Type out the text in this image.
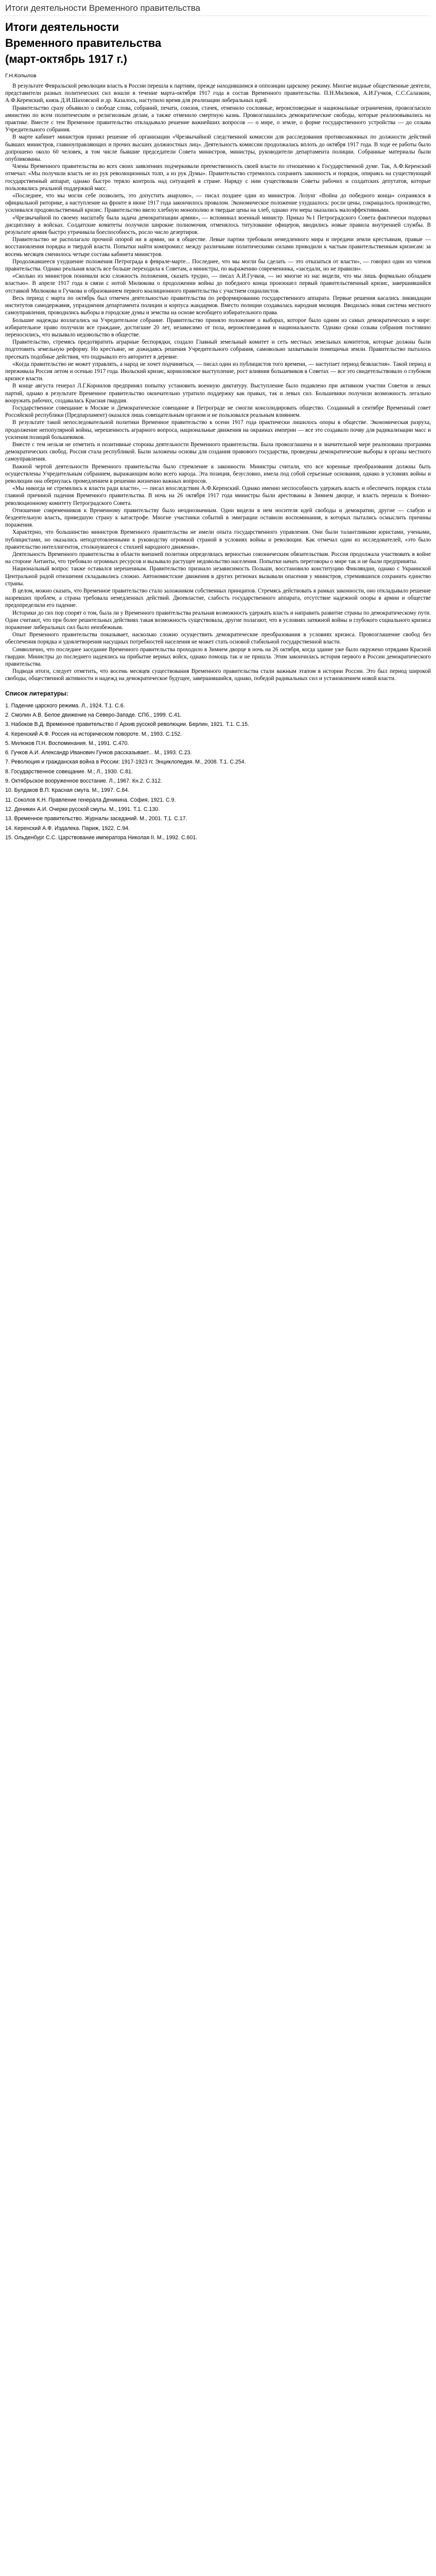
Итоги деятельности Временного правительства
Итоги деятельности Временного правительства (март-октябрь 1917 г.)
Г.Н.Копылов

В результате Февральской революции власть в России перешла к партиям, прежде находившимся в оппозиции царскому режиму. Многие видные общественные деятели, представители разных политических сил вошли в течение марта-октября 1917 года в состав Временного правительства. П.Н.Милюков, А.И.Гучков, С.С.Салазкин, А.Ф.Керенский, князь Д.И.Шаховской и др. Казалось, наступило время для реализации либеральных идей.

Правительство сразу объявило о свободе слова, собраний, печати, союзов, стачек, отменило сословные, вероисповедные и национальные ограничения, провозгласило амнистию по всем политическим и религиозным делам, а также отменило смертную казнь. Провозглашались демократические свободы, которые реализовывались на практике. Вместе с тем Временное правительство откладывало решение важнейших вопросов — о мире, о земле, о форме государственного устройства — до созыва Учредительного собрания.

В марте кабинет министров принял решение об организации «Чрезвычайной следственной комиссии для расследования противозаконных по должности действий бывших министров, главноуправляющих и прочих высших должностных лиц». Деятельность комиссии продолжалась вплоть до октября 1917 года. В ходе ее работы было допрошено около 60 человек, в том числе бывшие председатели Совета министров, министры, руководители департамента полиции. Собранные материалы были опубликованы.

Члены Временного правительства во всех своих заявлениях подчеркивали преемственность своей власти по отношению к Государственной думе. Так, А.Ф.Керенский отмечал: «Мы получили власть не из рук революционных толп, а из рук Думы». Правительство стремилось сохранить законность и порядок, опираясь на существующий государственный аппарат, однако быстро теряло контроль над ситуацией в стране. Наряду с ним существовали Советы рабочих и солдатских депутатов, которые пользовались реальной поддержкой масс.

«Последнее, что мы могли себе позволить, это допустить анархию», — писал позднее один из министров. Лозунг «Война до победного конца» сохранялся в официальной риторике, а наступление на фронте в июне 1917 года закончилось провалом. Экономическое положение ухудшалось: росли цены, сокращалось производство, усиливался продовольственный кризис. Правительство ввело хлебную монополию и твердые цены на хлеб, однако эти меры оказались малоэффективными.

«Чрезвычайной по своему масштабу была задача демократизации армии», — вспоминал военный министр. Приказ №1 Петроградского Совета фактически подорвал дисциплину в войсках. Солдатские комитеты получили широкие полномочия, отменялось титулование офицеров, вводились новые правила внутренней службы. В результате армия быстро утрачивала боеспособность, росло число дезертиров.

Правительство не располагало прочной опорой ни в армии, ни в обществе. Левые партии требовали немедленного мира и передачи земли крестьянам, правые — восстановления порядка и твердой власти. Попытки найти компромисс между различными политическими силами приводили к частым правительственным кризисам: за восемь месяцев сменилось четыре состава кабинета министров.

Продолжавшееся ухудшение положения Петрограда в феврале-марте... Последнее, что мы могли бы сделать — это отказаться от власти», — говорил один из членов правительства. Однако реальная власть все больше переходила к Советам, а министры, по выражению современника, «заседали, но не правили».

«Сколько из министров понимали всю сложность положения, сказать трудно, — писал А.И.Гучков, — но многие из нас видели, что мы лишь формально обладаем властью». В апреле 1917 года в связи с нотой Милюкова о продолжении войны до победного конца произошел первый правительственный кризис, завершившийся отставкой Милюкова и Гучкова и образованием первого коалиционного правительства с участием социалистов.

Весь период с марта по октябрь был отмечен деятельностью правительства по реформированию государственного аппарата. Первые решения касались ликвидации институтов самодержавия, упразднения департамента полиции и корпуса жандармов. Вместо полиции создавалась народная милиция. Вводилась новая система местного самоуправления, проводились выборы в городские думы и земства на основе всеобщего избирательного права.

Большие надежды возлагались на Учредительное собрание. Правительство приняло положение о выборах, которое было одним из самых демократических в мире: избирательное право получили все граждане, достигшие 20 лет, независимо от пола, вероисповедания и национальности. Однако сроки созыва собрания постоянно переносились, что вызывало недовольство в обществе.

Правительство, стремясь предотвратить аграрные беспорядки, создало Главный земельный комитет и сеть местных земельных комитетов, которые должны были подготовить земельную реформу. Но крестьяне, не дожидаясь решения Учредительного собрания, самовольно захватывали помещичьи земли. Правительство пыталось пресекать подобные действия, что подрывало его авторитет в деревне.

«Когда правительство не может управлять, а народ не хочет подчиняться, — писал один из публицистов того времени, — наступает период безвластия». Такой период и переживала Россия летом и осенью 1917 года. Июльский кризис, корниловское выступление, рост влияния большевиков в Советах — все это свидетельствовало о глубоком кризисе власти.

В конце августа генерал Л.Г.Корнилов предпринял попытку установить военную диктатуру. Выступление было подавлено при активном участии Советов и левых партий, однако в результате Временное правительство окончательно утратило поддержку как правых, так и левых сил. Большевики получили возможность легально вооружать рабочих, создавалась Красная гвардия.

Государственное совещание в Москве и Демократическое совещание в Петрограде не смогли консолидировать общество. Созданный в сентябре Временный совет Российской республики (Предпарламент) оказался лишь совещательным органом и не пользовался реальным влиянием.

В результате такой непоследовательной политики Временное правительство к осени 1917 года практически лишилось опоры в обществе. Экономическая разруха, продолжение непопулярной войны, нерешенность аграрного вопроса, национальные движения на окраинах империи — все это создавало почву для радикализации масс и усиления позиций большевиков.

Вместе с тем нельзя не отметить и позитивные стороны деятельности Временного правительства. Была провозглашена и в значительной мере реализована программа демократических свобод. Россия стала республикой. Были заложены основы для создания правового государства, проведены демократические выборы в органы местного самоуправления.

Важной чертой деятельности Временного правительства было стремление к законности. Министры считали, что все коренные преобразования должны быть осуществлены Учредительным собранием, выражающим волю всего народа. Эта позиция, безусловно, имела под собой серьезные основания, однако в условиях войны и революции она обернулась промедлением в решении жизненно важных вопросов.

«Мы никогда не стремились к власти ради власти», — писал впоследствии А.Ф.Керенский. Однако именно неспособность удержать власть и обеспечить порядок стала главной причиной падения Временного правительства. В ночь на 26 октября 1917 года министры были арестованы в Зимнем дворце, и власть перешла к Военно-революционному комитету Петроградского Совета.

Отношение современников к Временному правительству было неоднозначным. Одни видели в нем носителя идей свободы и демократии, другие — слабую и бездеятельную власть, приведшую страну к катастрофе. Многие участники событий в эмиграции оставили воспоминания, в которых пытались осмыслить причины поражения.

Характерно, что большинство министров Временного правительства не имели опыта государственного управления. Они были талантливыми юристами, учеными, публицистами, но оказались неподготовленными к руководству огромной страной в условиях войны и революции. Как отмечал один из исследователей, «это было правительство интеллигентов, столкнувшееся с стихией народного движения».

Деятельность Временного правительства в области внешней политики определялась верностью союзническим обязательствам. Россия продолжала участвовать в войне на стороне Антанты, что требовало огромных ресурсов и вызывало растущее недовольство населения. Попытки начать переговоры о мире так и не были предприняты.

Национальный вопрос также оставался нерешенным. Правительство признало независимость Польши, восстановило конституцию Финляндии, однако с Украинской Центральной радой отношения складывались сложно. Автономистские движения в других регионах вызывали опасения у министров, стремившихся сохранить единство страны.

В целом, можно сказать, что Временное правительство стало заложником собственных принципов. Стремясь действовать в рамках законности, оно откладывало решение назревших проблем, а страна требовала немедленных действий. Двоевластие, слабость государственного аппарата, отсутствие надежной опоры в армии и обществе предопределили его падение.

Историки до сих пор спорят о том, была ли у Временного правительства реальная возможность удержать власть и направить развитие страны по демократическому пути. Одни считают, что при более решительных действиях такая возможность существовала, другие полагают, что в условиях затяжной войны и глубокого социального кризиса поражение либеральных сил было неизбежным.

Опыт Временного правительства показывает, насколько сложно осуществить демократические преобразования в условиях кризиса. Провозглашение свобод без обеспечения порядка и удовлетворения насущных потребностей населения не может стать основой стабильной государственной власти.

Символично, что последнее заседание Временного правительства проходило в Зимнем дворце в ночь на 26 октября, когда здание уже было окружено отрядами Красной гвардии. Министры до последнего надеялись на прибытие верных войск, однако помощь так и не пришла. Этим закончилась история первого в России демократического правительства.

Подводя итоги, следует отметить, что восемь месяцев существования Временного правительства стали важным этапом в истории России. Это был период широкой свободы, общественной активности и надежд на демократическое будущее, завершившийся, однако, победой радикальных сил и установлением новой власти.

Список литературы:
1. Падение царского режима. Л., 1924. Т.1. С.6.
2. Смолин А.В. Белое движение на Северо-Западе. СПб., 1999. С.41.
3. Набоков В.Д. Временное правительство // Архив русской революции. Берлин, 1921. Т.1. С.15.
4. Керенский А.Ф. Россия на историческом повороте. М., 1993. С.152.
5. Милюков П.Н. Воспоминания. М., 1991. С.470.
6. Гучков А.И. Александр Иванович Гучков рассказывает... М., 1993. С.23.
7. Революция и гражданская война в России: 1917-1923 гг. Энциклопедия. М., 2008. Т.1. С.254.
8. Государственное совещание. М.; Л., 1930. С.81.
9. Октябрьское вооруженное восстание. Л., 1967. Кн.2. С.312.
10. Булдаков В.П. Красная смута. М., 1997. С.84.
11. Соколов К.Н. Правление генерала Деникина. София, 1921. С.9.
12. Деникин А.И. Очерки русской смуты. М., 1991. Т.1. С.130.
13. Временное правительство. Журналы заседаний. М., 2001. Т.1. С.17.
14. Керенский А.Ф. Издалека. Париж, 1922. С.94.
15. Ольденбург С.С. Царствование императора Николая II. М., 1992. С.601.
